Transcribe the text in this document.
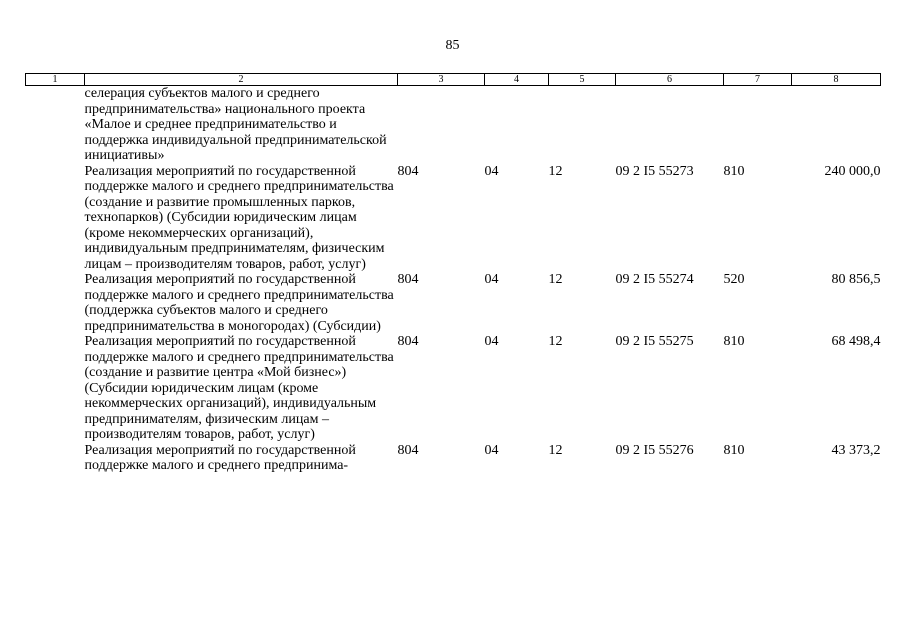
85
1	2	3	4	5	6	7	8
	селерация субъектов малого и среднего предпринимательства» национального проекта «Малое и среднее предпринимательство и поддержка индивидуальной предпринимательской инициативы»						
	Реализация мероприятий по государственной поддержке малого и среднего предпринимательства (создание и развитие промышленных парков, технопарков) (Субсидии юридическим лицам (кроме некоммерческих организаций), индивидуальным предпринимателям, физическим лицам – производителям товаров, работ, услуг)	804	04	12	09 2 I5 55273	810	240 000,0
	Реализация мероприятий по государственной поддержке малого и среднего предпринимательства (поддержка субъектов малого и среднего предпринимательства в моногородах) (Субсидии)	804	04	12	09 2 I5 55274	520	80 856,5
	Реализация мероприятий по государственной поддержке малого и среднего предпринимательства (создание и развитие центра «Мой бизнес») (Субсидии юридическим лицам (кроме некоммерческих организаций), индивидуальным предпринимателям, физическим лицам – производителям товаров, работ, услуг)	804	04	12	09 2 I5 55275	810	68 498,4
	Реализация мероприятий по государственной поддержке малого и среднего предпринима-	804	04	12	09 2 I5 55276	810	43 373,2
